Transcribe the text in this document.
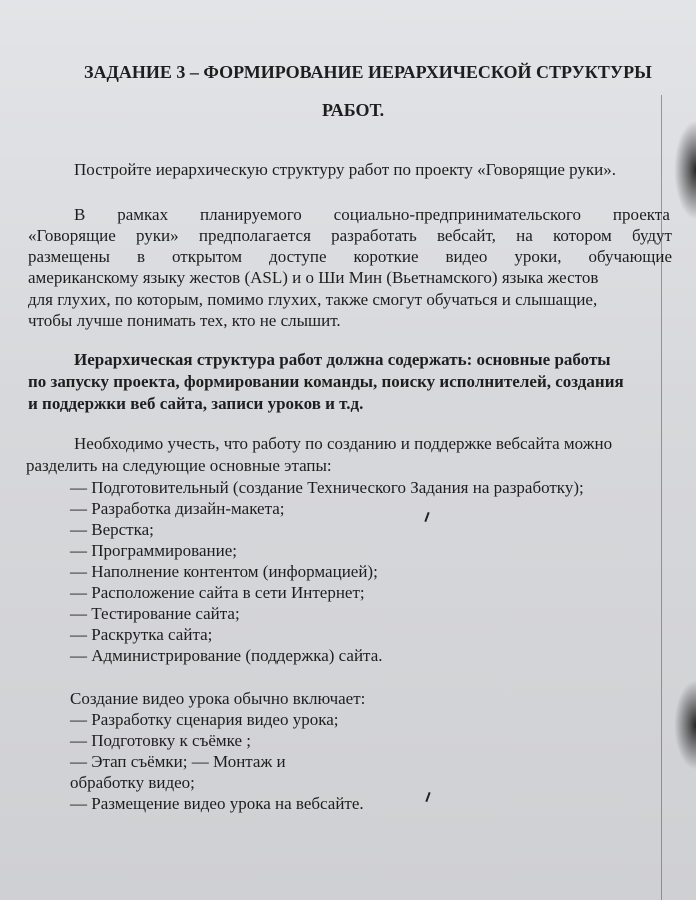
ЗАДАНИЕ 3 – ФОРМИРОВАНИЕ ИЕРАРХИЧЕСКОЙ СТРУКТУРЫ
РАБОТ.
Постройте иерархическую структуру работ по проекту «Говорящие руки».
В рамках планируемого социально-предпринимательского проекта
«Говорящие руки» предполагается разработать вебсайт, на котором будут
размещены в открытом доступе короткие видео уроки, обучающие
американскому языку жестов (ASL) и о Ши Мин (Вьетнамского) языка жестов
для глухих, по которым, помимо глухих, также смогут обучаться и слышащие,
чтобы лучше понимать тех, кто не слышит.
Иерархическая структура работ должна содержать: основные работы
по запуску проекта, формировании команды, поиску исполнителей, создания
и поддержки веб сайта, записи уроков и т.д.
Необходимо учесть, что работу по созданию и поддержке вебсайта можно
разделить на следующие основные этапы:
— Подготовительный (создание Технического Задания на разработку);
— Разработка дизайн-макета;
— Верстка;
— Программирование;
— Наполнение контентом (информацией);
— Расположение сайта в сети Интернет;
— Тестирование сайта;
— Раскрутка сайта;
— Администрирование (поддержка) сайта.
Создание видео урока обычно включает:
— Разработку сценария видео урока;
— Подготовку к съёмке ;
— Этап съёмки; — Монтаж и
обработку видео;
— Размещение видео урока на вебсайте.
